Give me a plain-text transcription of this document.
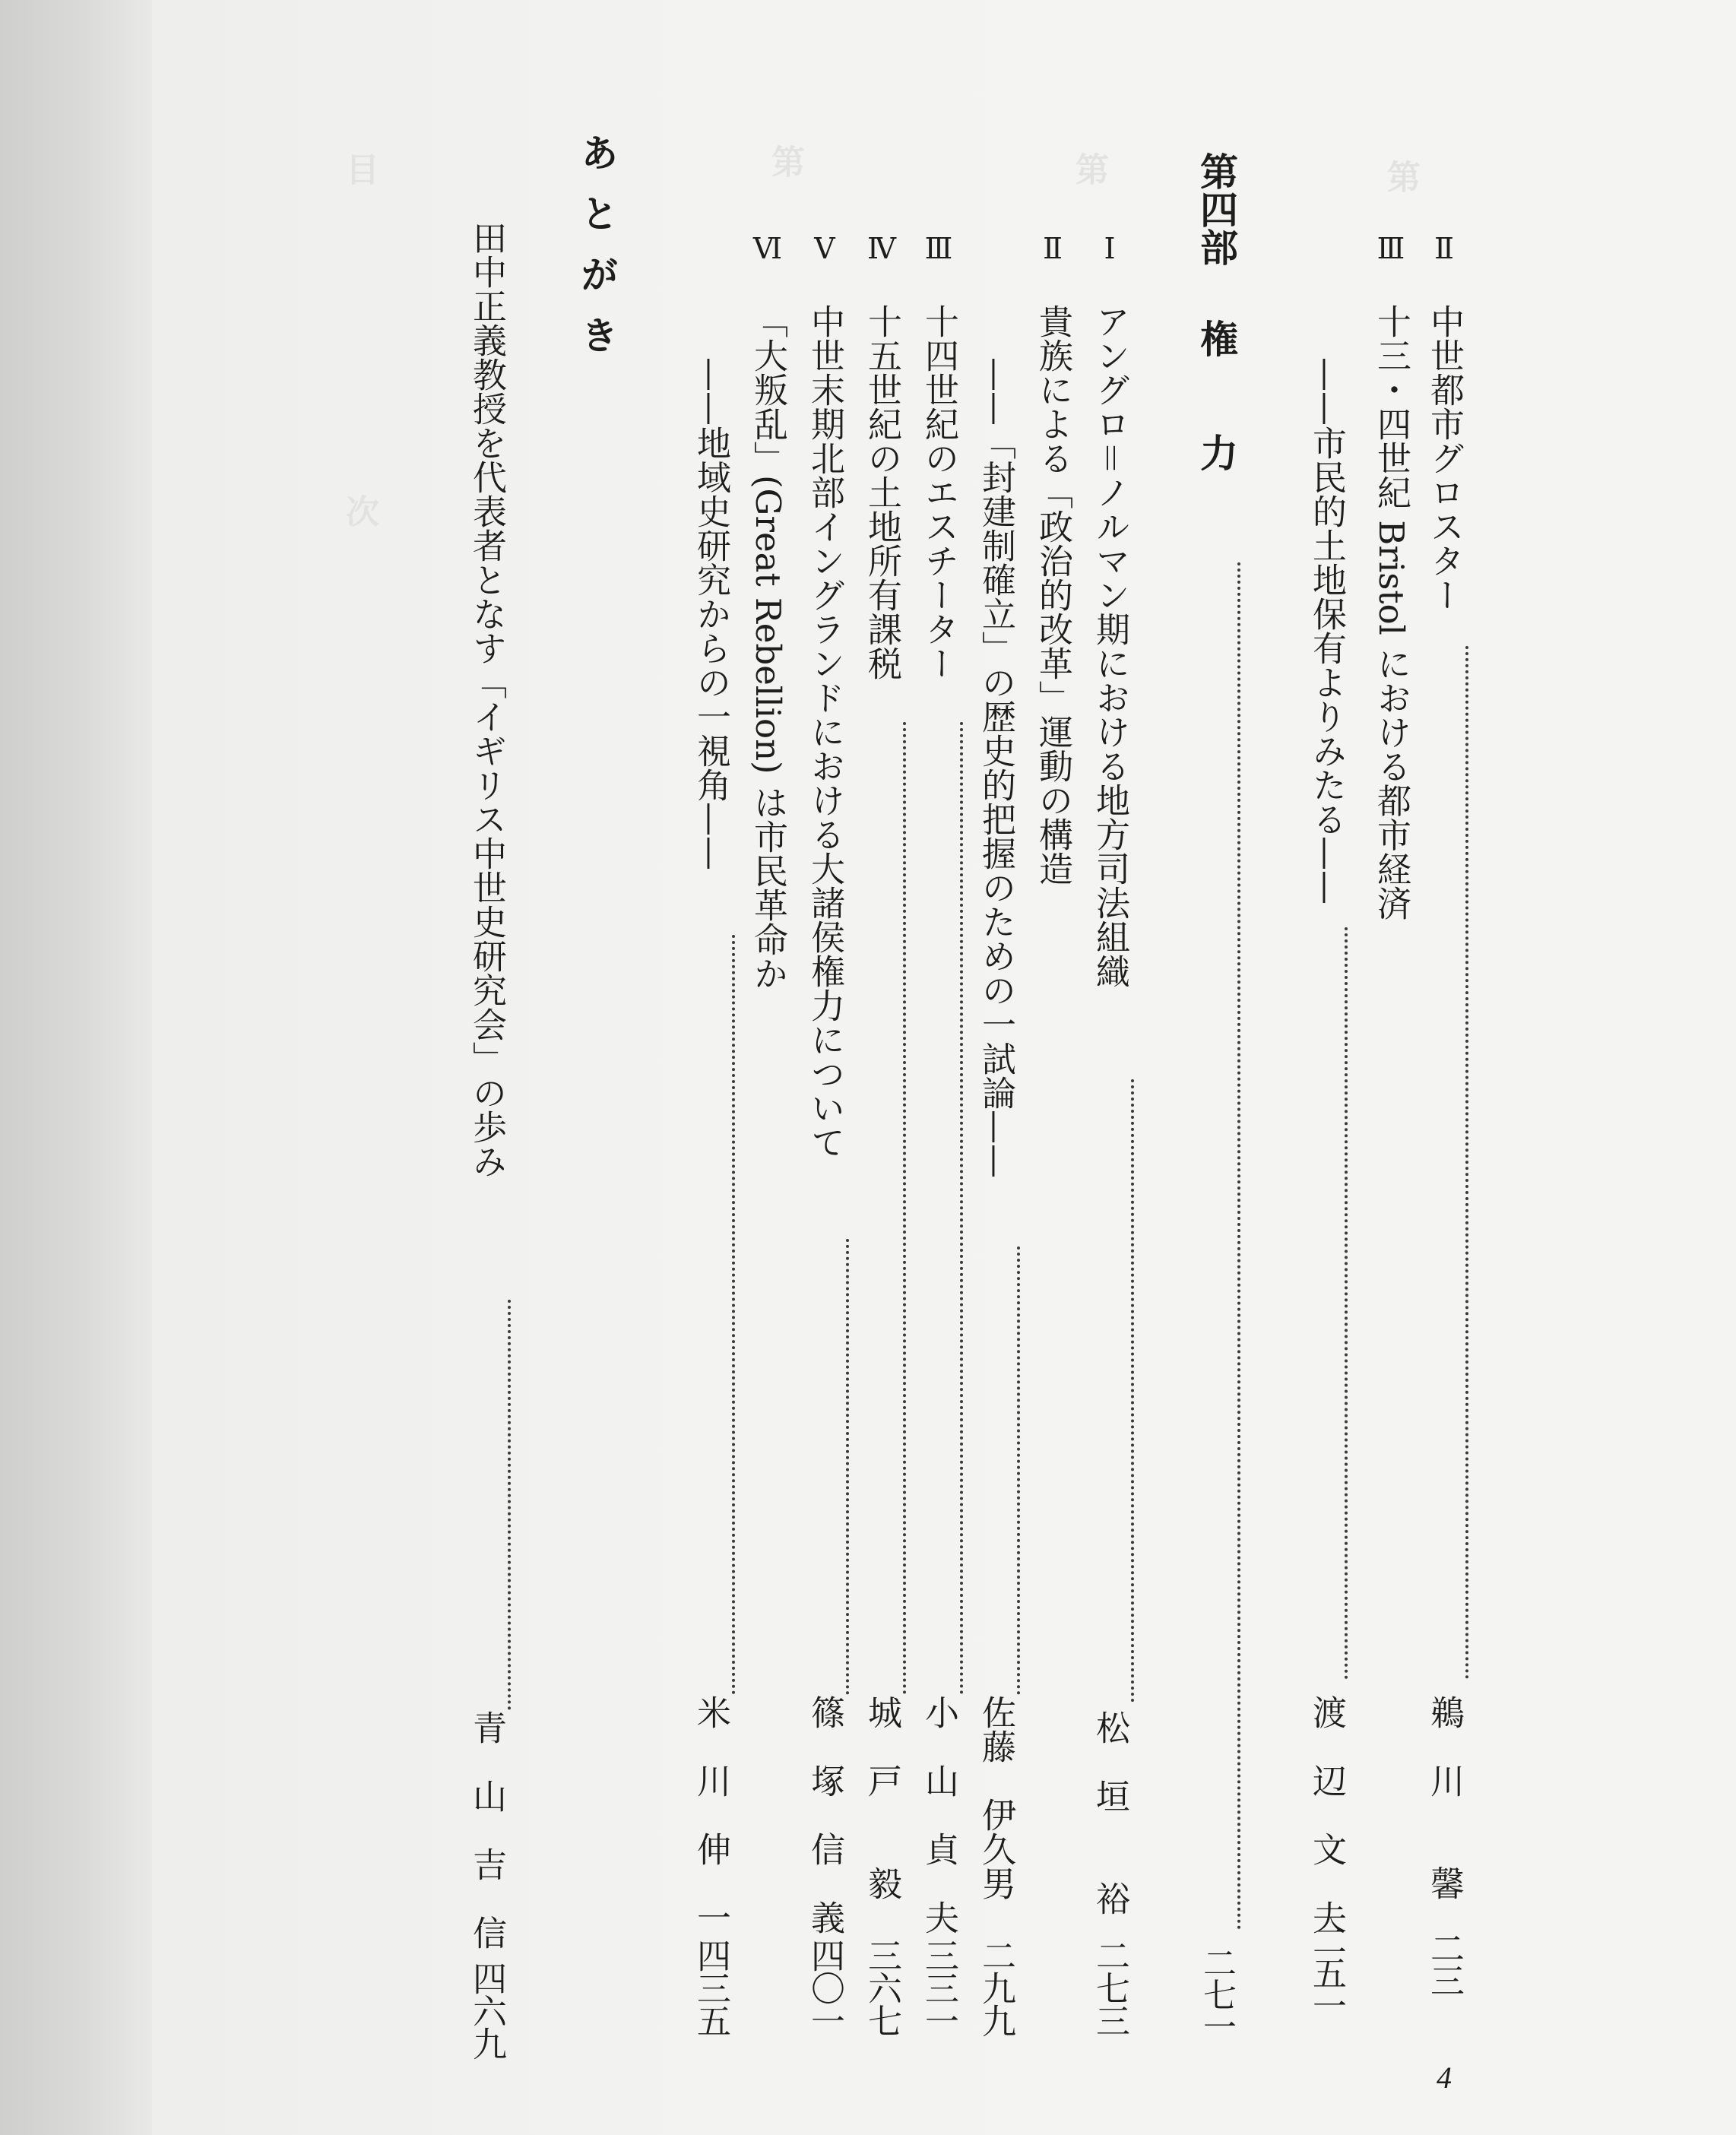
第
第
第
目
次
Ⅱ
中世都市グロスター
鵜　川　　馨
二三
Ⅲ
十三・四世紀 Bristol における都市経済
——市民的土地保有よりみたる——
渡　辺　文　夫
二五一
第四部
権　　力
二七一
Ⅰ
アングロ＝ノルマン期における地方司法組織
松　垣　　裕
二七三
Ⅱ
貴族による「政治的改革」運動の構造
——「封建制確立」の歴史的把握のための一試論——
佐藤　伊久男
二九九
Ⅲ
十四世紀のエスチーター
小　山　貞　夫
三三一
Ⅳ
十五世紀の土地所有課税
城　戸　　毅
三六七
Ⅴ
中世末期北部イングランドにおける大諸侯権力について
篠　塚　信　義
四〇一
Ⅵ
「大叛乱」(Great Rebellion) は市民革命か
——地域史研究からの一視角——
米　川　伸　一
四三五
あとがき
田中正義教授を代表者となす「イギリス中世史研究会」の歩み
青　山　吉　信
四六九
4
